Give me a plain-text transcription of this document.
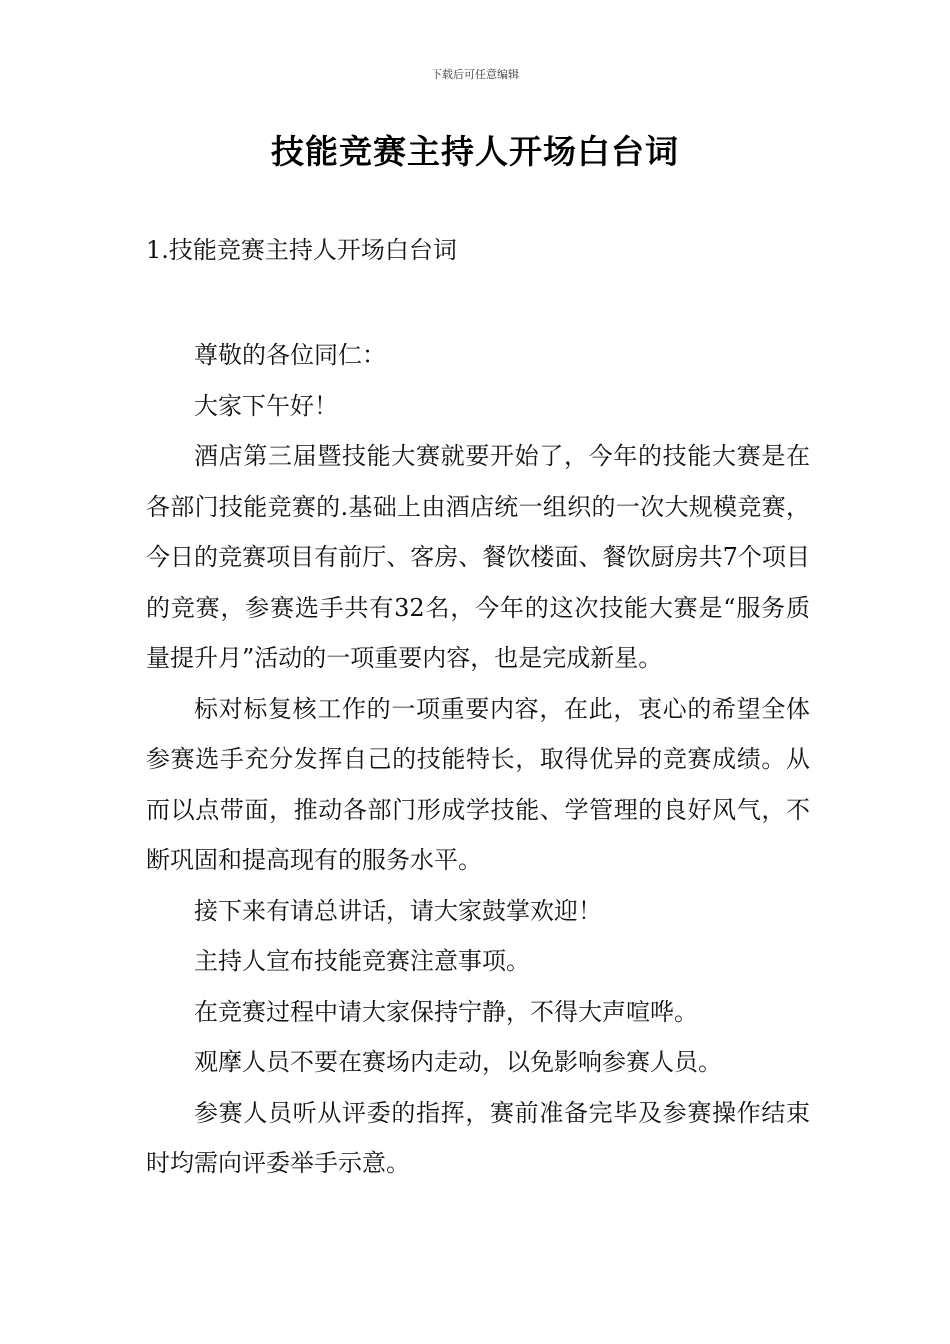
下载后可任意编辑
技能竞赛主持人开场白台词
1.技能竞赛主持人开场白台词

尊敬的各位同仁：

大家下午好！

酒店第三届暨技能大赛就要开始了，今年的技能大赛是在各部门技能竞赛的.基础上由酒店统一组织的一次大规模竞赛，今日的竞赛项目有前厅、客房、餐饮楼面、餐饮厨房共7个项目的竞赛，参赛选手共有32名，今年的这次技能大赛是“服务质量提升月”活动的一项重要内容，也是完成新星。

标对标复核工作的一项重要内容，在此，衷心的希望全体参赛选手充分发挥自己的技能特长，取得优异的竞赛成绩。从而以点带面，推动各部门形成学技能、学管理的良好风气，不断巩固和提高现有的服务水平。

接下来有请总讲话，请大家鼓掌欢迎！

主持人宣布技能竞赛注意事项。

在竞赛过程中请大家保持宁静，不得大声喧哗。

观摩人员不要在赛场内走动，以免影响参赛人员。

参赛人员听从评委的指挥，赛前准备完毕及参赛操作结束时均需向评委举手示意。
